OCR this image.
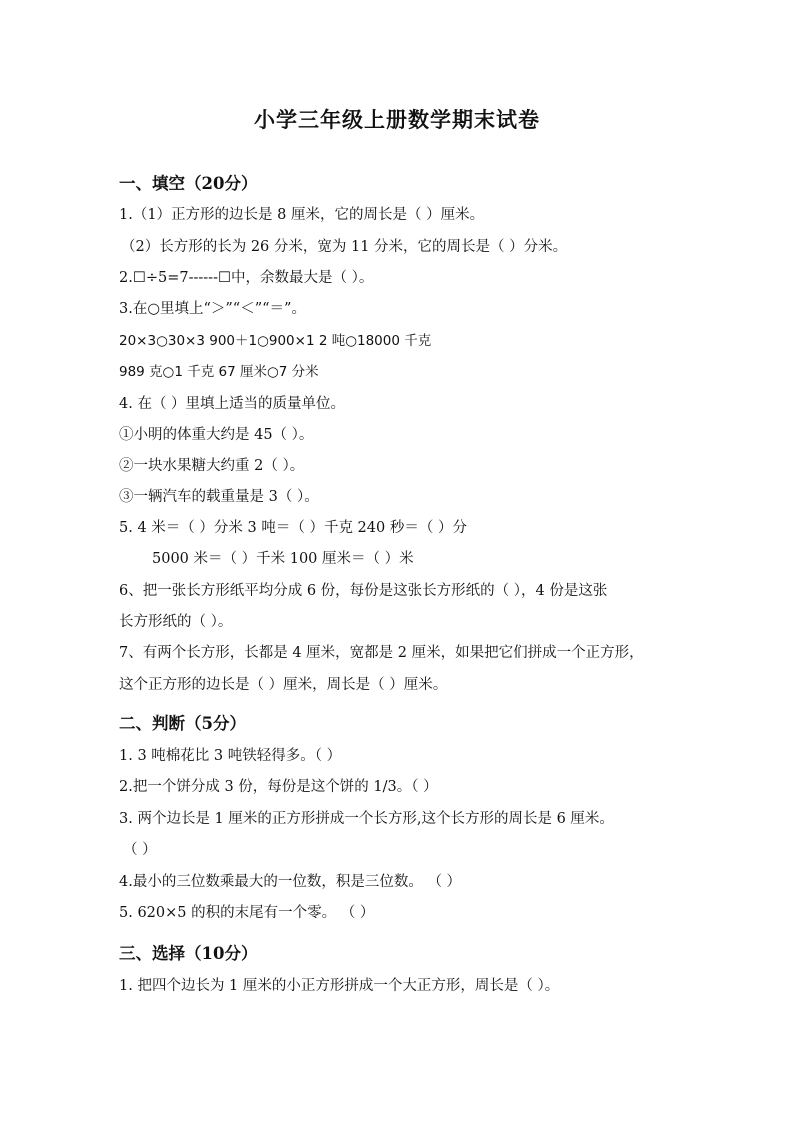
小学三年级上册数学期末试卷
一、填空（20分）
1.（1）正方形的边长是 8 厘米，它的周长是（ ）厘米。
（2）长方形的长为 26 分米，宽为 11 分米，它的周长是（ ）分米。
2.☐÷5=7------☐中，余数最大是（ ）。
3.在○里填上“＞”“＜”“＝”。
20×3○30×3 900＋1○900×1 2 吨○18000 千克
989 克○1 千克 67 厘米○7 分米
4. 在（ ）里填上适当的质量单位。
①小明的体重大约是 45（ ）。
②一块水果糖大约重 2（ ）。
③一辆汽车的载重量是 3（ ）。
5. 4 米＝（ ）分米 3 吨＝（ ）千克 240 秒＝（ ）分
5000 米＝（ ）千米 100 厘米＝（ ）米
6、把一张长方形纸平均分成 6 份，每份是这张长方形纸的（ ），4 份是这张
长方形纸的（ ）。
7、有两个长方形，长都是 4 厘米，宽都是 2 厘米，如果把它们拼成一个正方形，
这个正方形的边长是（ ）厘米，周长是（ ）厘米。
二、判断（5分）
1. 3 吨棉花比 3 吨铁轻得多。（ ）
2.把一个饼分成 3 份，每份是这个饼的 1/3。（ ）
3. 两个边长是 1 厘米的正方形拼成一个长方形,这个长方形的周长是 6 厘米。
（ ）
4.最小的三位数乘最大的一位数，积是三位数。 （ ）
5. 620×5 的积的末尾有一个零。 （ ）
三、选择（10分）
1. 把四个边长为 1 厘米的小正方形拼成一个大正方形，周长是（ ）。
